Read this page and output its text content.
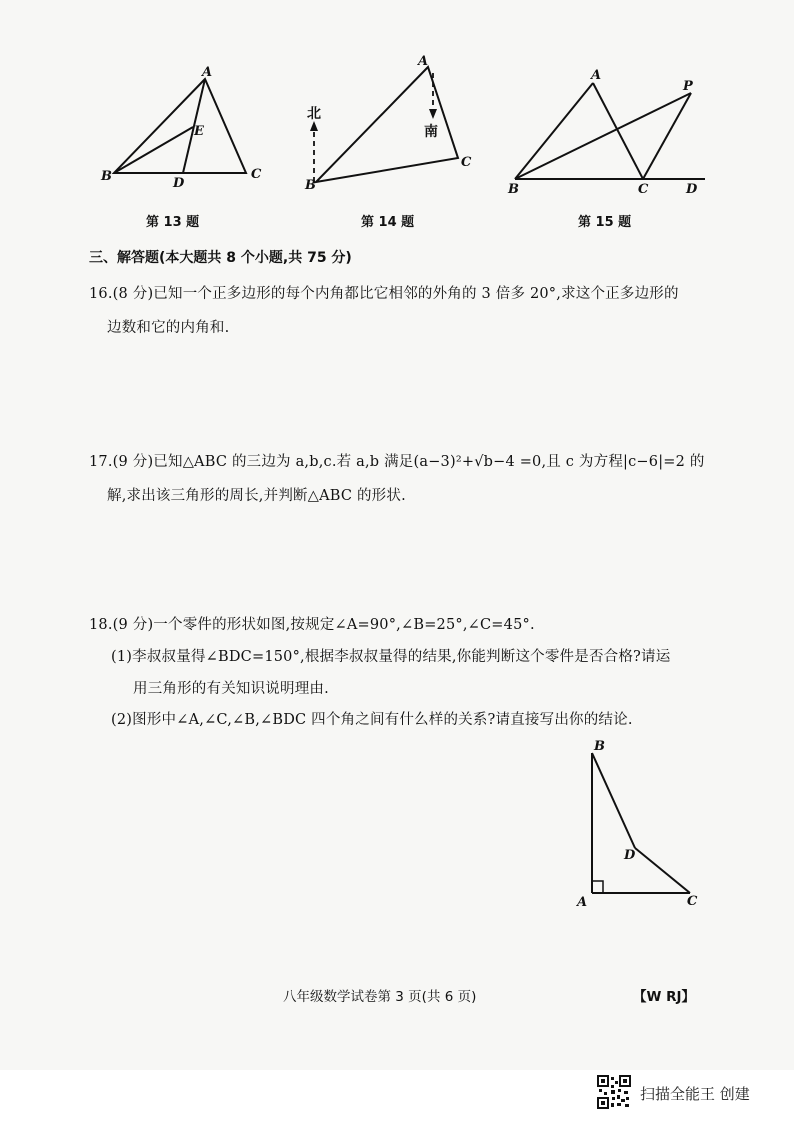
A
B	C
D
E
第 13 题
北
南
A
B
C
第 14 题
A
B	C	D
P
第 15 题
三、解答题(本大题共 8 个小题,共 75 分)
16.(8 分)已知一个正多边形的每个内角都比它相邻的外角的 3 倍多 20°,求这个正多边形的
边数和它的内角和.
17.(9 分)已知△ABC 的三边为 a,b,c.若 a,b 满足(a−3)²+√b−4 =0,且 c 为方程|c−6|=2 的
解,求出该三角形的周长,并判断△ABC 的形状.
18.(9 分)一个零件的形状如图,按规定∠A=90°,∠B=25°,∠C=45°.
(1)李叔叔量得∠BDC=150°,根据李叔叔量得的结果,你能判断这个零件是否合格?请运
用三角形的有关知识说明理由.
(2)图形中∠A,∠C,∠B,∠BDC 四个角之间有什么样的关系?请直接写出你的结论.
B
A	C
D
八年级数学试卷第 3 页(共 6 页)	【W RJ】
扫描全能王 创建
